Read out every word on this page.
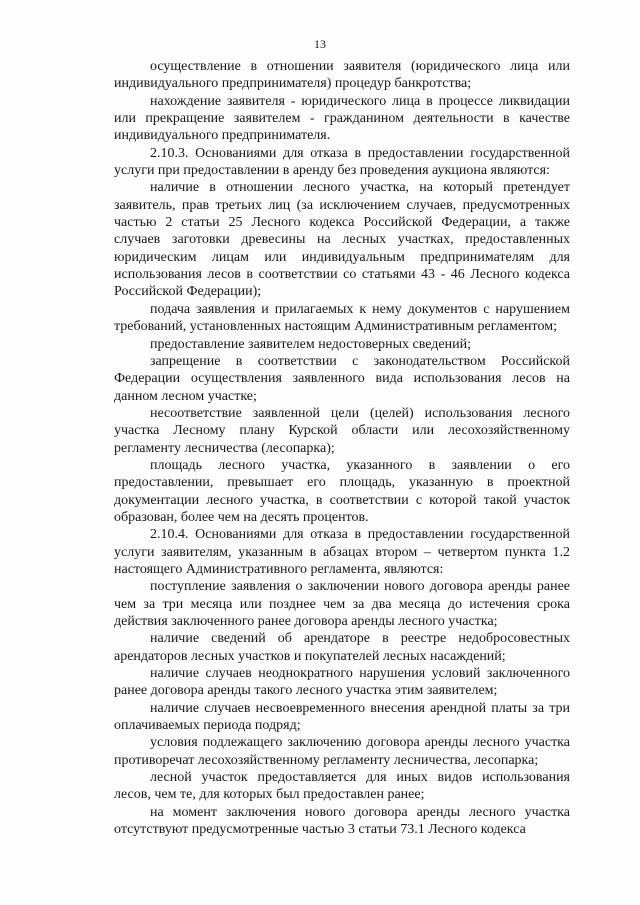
13

осуществление в отношении заявителя (юридического лица или индивидуального предпринимателя) процедур банкротства;

нахождение заявителя - юридического лица в процессе ликвидации или прекращение заявителем - гражданином деятельности в качестве индивидуального предпринимателя.

2.10.3. Основаниями для отказа в предоставлении государственной услуги при предоставлении в аренду без проведения аукциона являются:

наличие в отношении лесного участка, на который претендует заявитель, прав третьих лиц (за исключением случаев, предусмотренных частью 2 статьи 25 Лесного кодекса Российской Федерации, а также случаев заготовки древесины на лесных участках, предоставленных юридическим лицам или индивидуальным предпринимателям для использования лесов в соответствии со статьями 43 - 46 Лесного кодекса Российской Федерации);

подача заявления и прилагаемых к нему документов с нарушением требований, установленных настоящим Административным регламентом;

предоставление заявителем недостоверных сведений;

запрещение в соответствии с законодательством Российской Федерации осуществления заявленного вида использования лесов на данном лесном участке;

несоответствие заявленной цели (целей) использования лесного участка Лесному плану Курской области или лесохозяйственному регламенту лесничества (лесопарка);

площадь лесного участка, указанного в заявлении о его предоставлении, превышает его площадь, указанную в проектной документации лесного участка, в соответствии с которой такой участок образован, более чем на десять процентов.

2.10.4. Основаниями для отказа в предоставлении государственной услуги заявителям, указанным в абзацах втором – четвертом пункта 1.2 настоящего Административного регламента, являются:

поступление заявления о заключении нового договора аренды ранее чем за три месяца или позднее чем за два месяца до истечения срока действия заключенного ранее договора аренды лесного участка;

наличие сведений об арендаторе в реестре недобросовестных арендаторов лесных участков и покупателей лесных насаждений;

наличие случаев неоднократного нарушения условий заключенного ранее договора аренды такого лесного участка этим заявителем;

наличие случаев несвоевременного внесения арендной платы за три оплачиваемых периода подряд;

условия подлежащего заключению договора аренды лесного участка противоречат лесохозяйственному регламенту лесничества, лесопарка;

лесной участок предоставляется для иных видов использования лесов, чем те, для которых был предоставлен ранее;

на момент заключения нового договора аренды лесного участка отсутствуют предусмотренные частью 3 статьи 73.1 Лесного кодекса
